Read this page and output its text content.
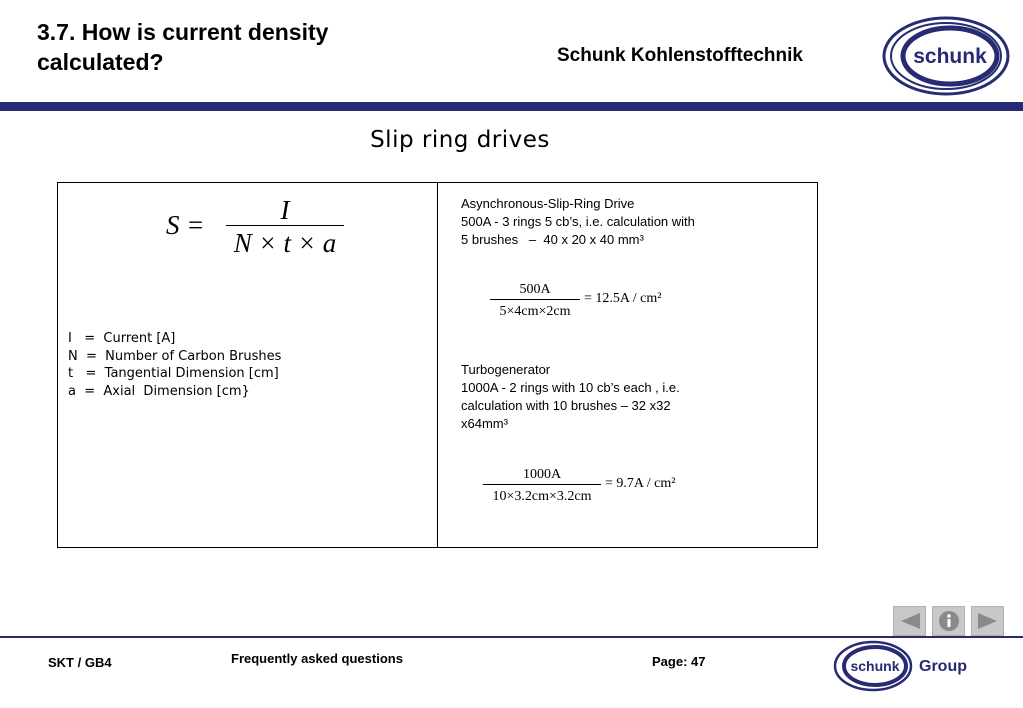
3.7. How is current density calculated?	Schunk Kohlenstofftechnik	schunk
Slip ring drives
S =	I
N × t × a
I   =  Current [A]
N  =  Number of Carbon Brushes
t   =  Tangential Dimension [cm]
a  =  Axial  Dimension [cm}
Asynchronous-Slip-Ring Drive
500A - 3 rings 5 cb’s, i.e. calculation with
5 brushes   –  40 x 20 x 40 mm³
500A
5×4cm×2cm
= 12.5A / cm²
Turbogenerator
1000A - 2 rings with 10 cb’s each , i.e.
calculation with 10 brushes – 32 x32
x64mm³
1000A
10×3.2cm×3.2cm
= 9.7A / cm²
SKT / GB4	Frequently asked questions	Page: 47	schunk Group
